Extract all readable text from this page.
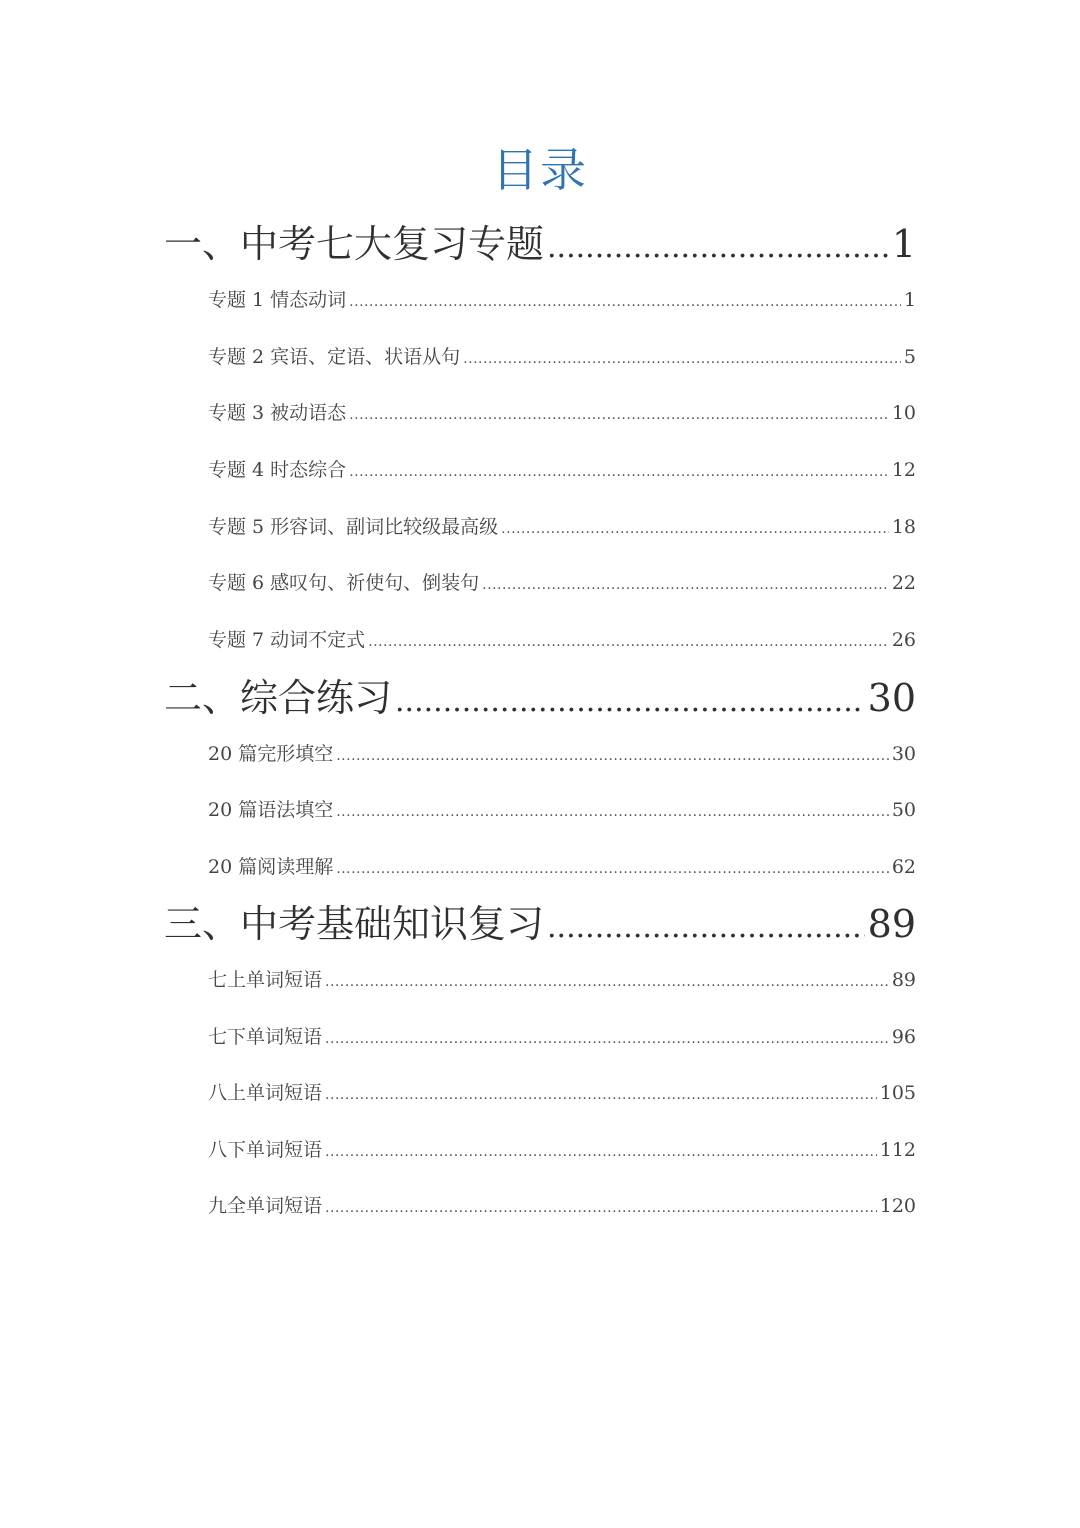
目录
一、中考七大复习专题 .....	1
专题 1 情态动词 .....	1
专题 2 宾语、定语、状语从句 .....	5
专题 3 被动语态 .....	10
专题 4 时态综合 .....	12
专题 5 形容词、副词比较级最高级 .....	18
专题 6 感叹句、祈使句、倒装句 .....	22
专题 7 动词不定式 .....	26
二、综合练习 .....	30
20 篇完形填空 .....	30
20 篇语法填空 .....	50
20 篇阅读理解 .....	62
三、中考基础知识复习 .....	89
七上单词短语 .....	89
七下单词短语 .....	96
八上单词短语 .....	105
八下单词短语 .....	112
九全单词短语 .....	120
